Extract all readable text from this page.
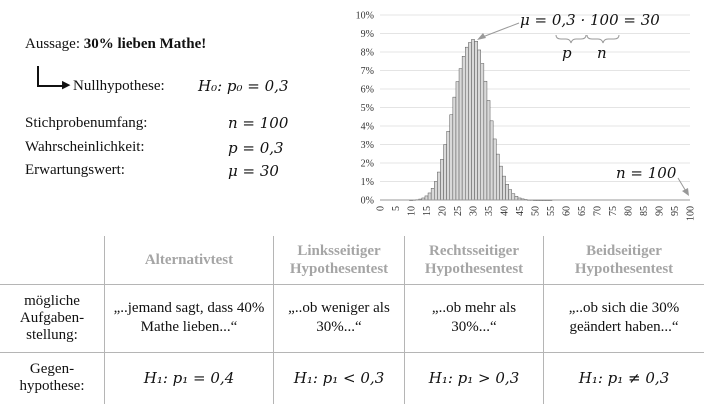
Aussage: 30% lieben Mathe!
▶ Nullhypothese: H₀: p₀ = 0,3
Stichprobenumfang:	n = 100
Wahrscheinlichkeit:	p = 0,3
Erwartungswert:	μ = 30
0%
1%
2%
3%
4%
5%
6%
7%
8%
9%
10%
0 5 10 15 20 25 30 35 40 45 50 55 60 65 70 75 80 85 90 95 100
μ = 0,3 · 100 = 30
p n
n = 100
	Alternativtest	Linksseitiger Hypothesentest	Rechtsseitiger Hypothesentest	Beidseitiger Hypothesentest
mögliche Aufgaben-stellung:	„..jemand sagt, dass 40% Mathe lieben...“	„..ob weniger als 30%...“	„..ob mehr als 30%...“	„..ob sich die 30% geändert haben...“
Gegen-hypothese:	H₁: p₁ = 0,4	H₁: p₁ < 0,3	H₁: p₁ > 0,3	H₁: p₁ ≠ 0,3
